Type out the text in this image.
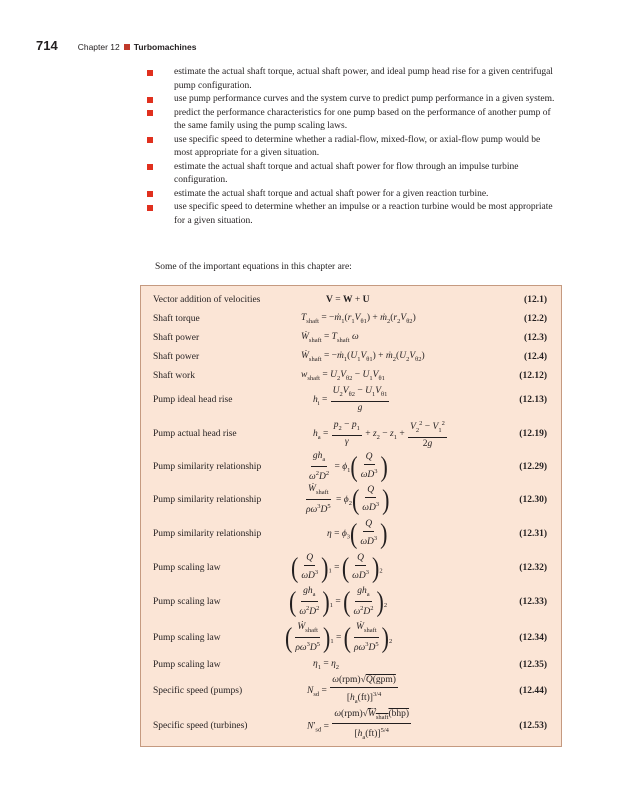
714 Chapter 12 Turbomachines
estimate the actual shaft torque, actual shaft power, and ideal pump head rise for a given centrifugal pump configuration.
use pump performance curves and the system curve to predict pump performance in a given system.
predict the performance characteristics for one pump based on the performance of another pump of the same family using the pump scaling laws.
use specific speed to determine whether a radial-flow, mixed-flow, or axial-flow pump would be most appropriate for a given situation.
estimate the actual shaft torque and actual shaft power for flow through an impulse turbine configuration.
estimate the actual shaft torque and actual shaft power for a given reaction turbine.
use specific speed to determine whether an impulse or a reaction turbine would be most appropriate for a given situation.
Some of the important equations in this chapter are:
Vector addition of velocities	V = W + U	(12.1)
Shaft torque	$T_{shaft}$ = $-ṁ_1(r_1V_{\theta 1})$ + $ṁ_2(r_2V_{\theta 2})$	(12.2)
Shaft power	Ẇ$_{shaft}$ = $T_{shaft}$ ω	(12.3)
Shaft power	Ẇ$_{shaft}$ = $-ṁ_1(U_1V_{\theta 1})$ + $ṁ_2(U_2V_{\theta 2})$	(12.4)
Shaft work	$w_{shaft} = U_2V_{\theta 2} - U_1V_{\theta 1}$	(12.12)
Pump ideal head rise	$h_i = \frac{U_2V_{\theta 2} - U_1V_{\theta 1}}{g}$	(12.13)
Pump actual head rise	$h_a = \frac{p_2 - p_1}{\gamma} + z_2 - z_1 + \frac{V_2^2 - V_1^2}{2g}$	(12.19)
Pump similarity relationship	$\frac{gh_a}{\omega^2D^2} = \phi_1( \frac{Q}{\omega D^3}$ )	(12.29)
Pump similarity relationship	$\frac{Ẇ_{shaft}}{\rho\omega^3D^5} = \phi_2( \frac{Q}{\omega D^3}$ )	(12.30)
Pump similarity relationship	$\eta = \phi_3( \frac{Q}{\omega D^3}$ )	(12.31)
Pump scaling law	( $\frac{Q}{\omega D^3} )_1$ = ( $\frac{Q}{\omega D^3} )_2$	(12.32)
Pump scaling law	( $\frac{gh_a}{\omega^2D^2} )_1$ = ( $\frac{gh_a}{\omega^2D^2} )_2$	(12.33)
Pump scaling law	( $\frac{Ẇ_{shaft}}{\rho\omega^3D^5} )_1$ = ( $\frac{Ẇ_{shaft}}{\rho\omega^3D^5} )_2$	(12.34)
Pump scaling law	$\eta_1 = \eta_2$	(12.35)
Specific speed (pumps)	$N_{sd} = \frac{\text{ω(rpm)√Q(gpm)}}{[h_a(ft)]^{3/4}}$	(12.44)
Specific speed (turbines)	$N'_{sd} = \frac{\omega(rpm)√Ẇ_{shaft}(bhp)}{[h_a(ft)]^{5/4}}$	(12.53)
